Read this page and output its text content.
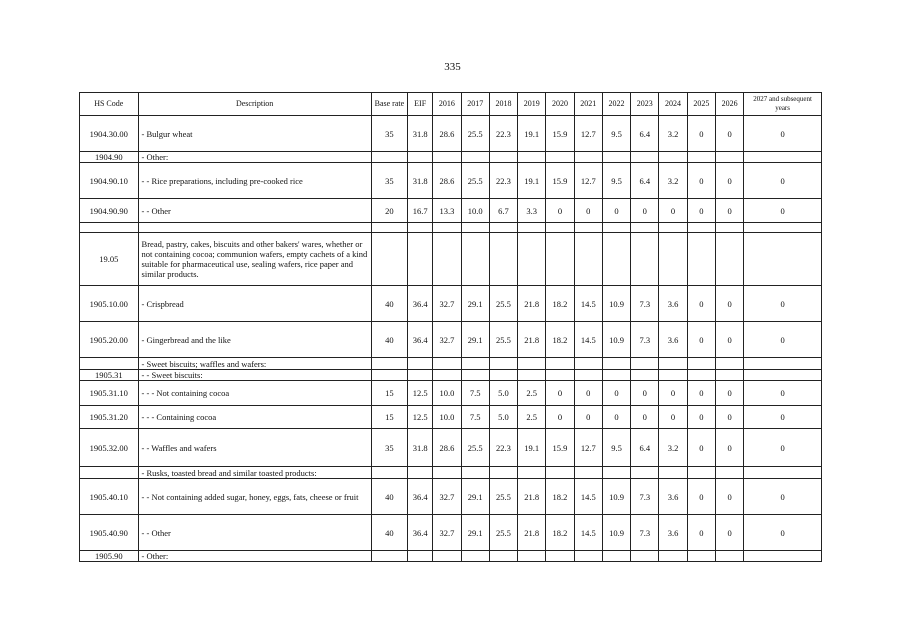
335
HS Code	Description	Base rate	EIF	2016	2017	2018	2019	2020	2021	2022	2023	2024	2025	2026	2027 and subsequent years
1904.30.00	- Bulgur wheat	35	31.8	28.6	25.5	22.3	19.1	15.9	12.7	9.5	6.4	3.2	0	0	0
1904.90	- Other:														
1904.90.10	- - Rice preparations, including pre-cooked rice	35	31.8	28.6	25.5	22.3	19.1	15.9	12.7	9.5	6.4	3.2	0	0	0
1904.90.90	- - Other	20	16.7	13.3	10.0	6.7	3.3	0	0	0	0	0	0	0	0

19.05	Bread, pastry, cakes, biscuits and other bakers' wares, whether or not containing cocoa; communion wafers, empty cachets of a kind suitable for pharmaceutical use, sealing wafers, rice paper and similar products.														
1905.10.00	- Crispbread	40	36.4	32.7	29.1	25.5	21.8	18.2	14.5	10.9	7.3	3.6	0	0	0
1905.20.00	- Gingerbread and the like	40	36.4	32.7	29.1	25.5	21.8	18.2	14.5	10.9	7.3	3.6	0	0	0
	- Sweet biscuits; waffles and wafers:														
1905.31	- - Sweet biscuits:														
1905.31.10	- - - Not containing cocoa	15	12.5	10.0	7.5	5.0	2.5	0	0	0	0	0	0	0	0
1905.31.20	- - - Containing cocoa	15	12.5	10.0	7.5	5.0	2.5	0	0	0	0	0	0	0	0
1905.32.00	- - Waffles and wafers	35	31.8	28.6	25.5	22.3	19.1	15.9	12.7	9.5	6.4	3.2	0	0	0
	- Rusks, toasted bread and similar toasted products:														
1905.40.10	- - Not containing added sugar, honey, eggs, fats, cheese or fruit	40	36.4	32.7	29.1	25.5	21.8	18.2	14.5	10.9	7.3	3.6	0	0	0
1905.40.90	- - Other	40	36.4	32.7	29.1	25.5	21.8	18.2	14.5	10.9	7.3	3.6	0	0	0
1905.90	- Other:														
